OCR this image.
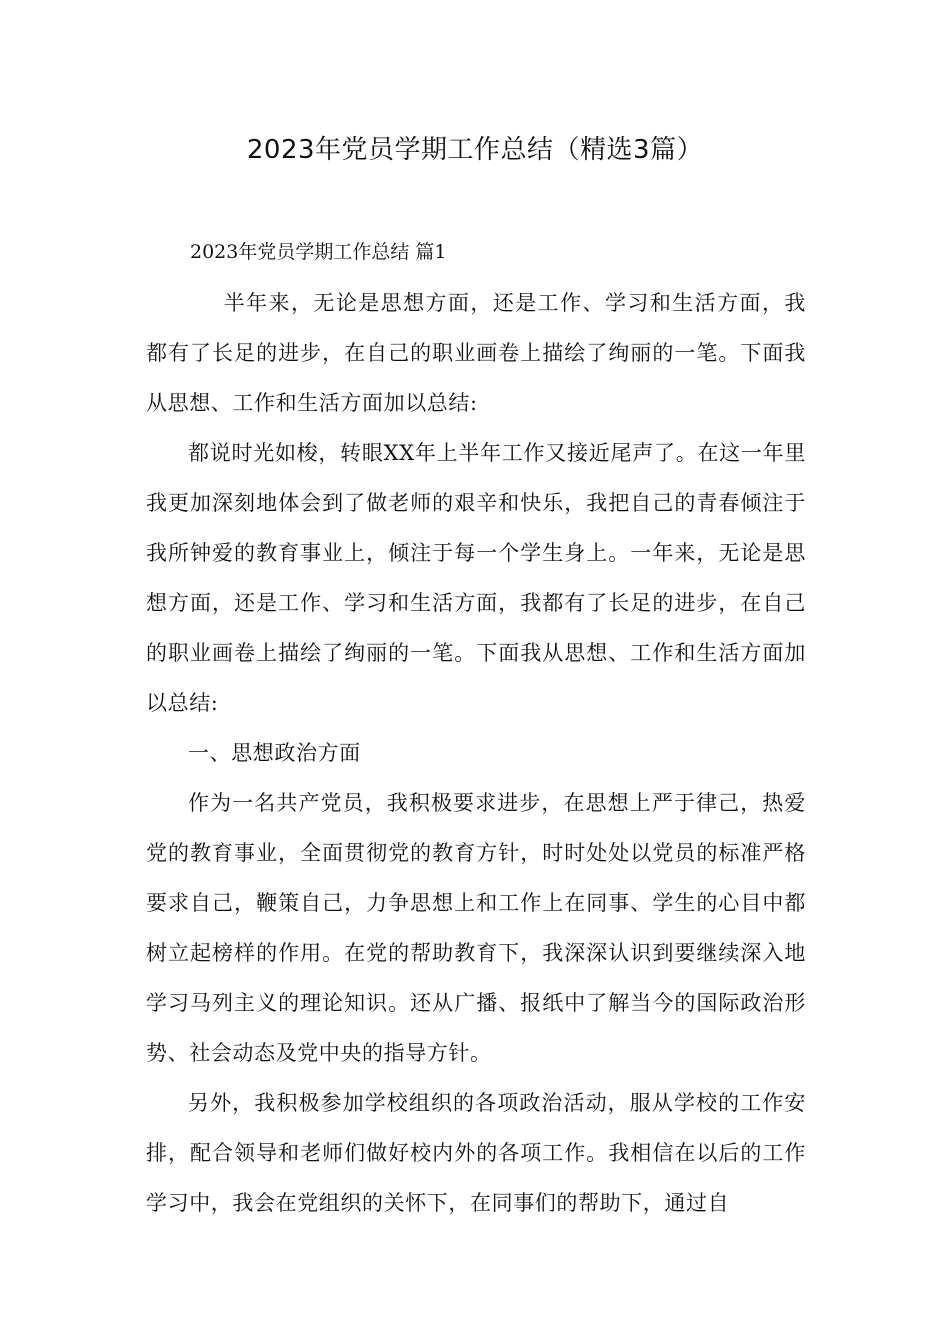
2023年党员学期工作总结（精选3篇）

2023年党员学期工作总结 篇1

半年来，无论是思想方面，还是工作、学习和生活方面，我都有了长足的进步，在自己的职业画卷上描绘了绚丽的一笔。下面我从思想、工作和生活方面加以总结:

都说时光如梭，转眼XX年上半年工作又接近尾声了。在这一年里我更加深刻地体会到了做老师的艰辛和快乐，我把自己的青春倾注于我所钟爱的教育事业上，倾注于每一个学生身上。一年来，无论是思想方面，还是工作、学习和生活方面，我都有了长足的进步，在自己的职业画卷上描绘了绚丽的一笔。下面我从思想、工作和生活方面加以总结:

一、思想政治方面

作为一名共产党员，我积极要求进步，在思想上严于律己，热爱党的教育事业，全面贯彻党的教育方针，时时处处以党员的标准严格要求自己，鞭策自己，力争思想上和工作上在同事、学生的心目中都树立起榜样的作用。在党的帮助教育下，我深深认识到要继续深入地学习马列主义的理论知识。还从广播、报纸中了解当今的国际政治形势、社会动态及党中央的指导方针。

另外，我积极参加学校组织的各项政治活动，服从学校的工作安排，配合领导和老师们做好校内外的各项工作。我相信在以后的工作学习中，我会在党组织的关怀下，在同事们的帮助下，通过自
